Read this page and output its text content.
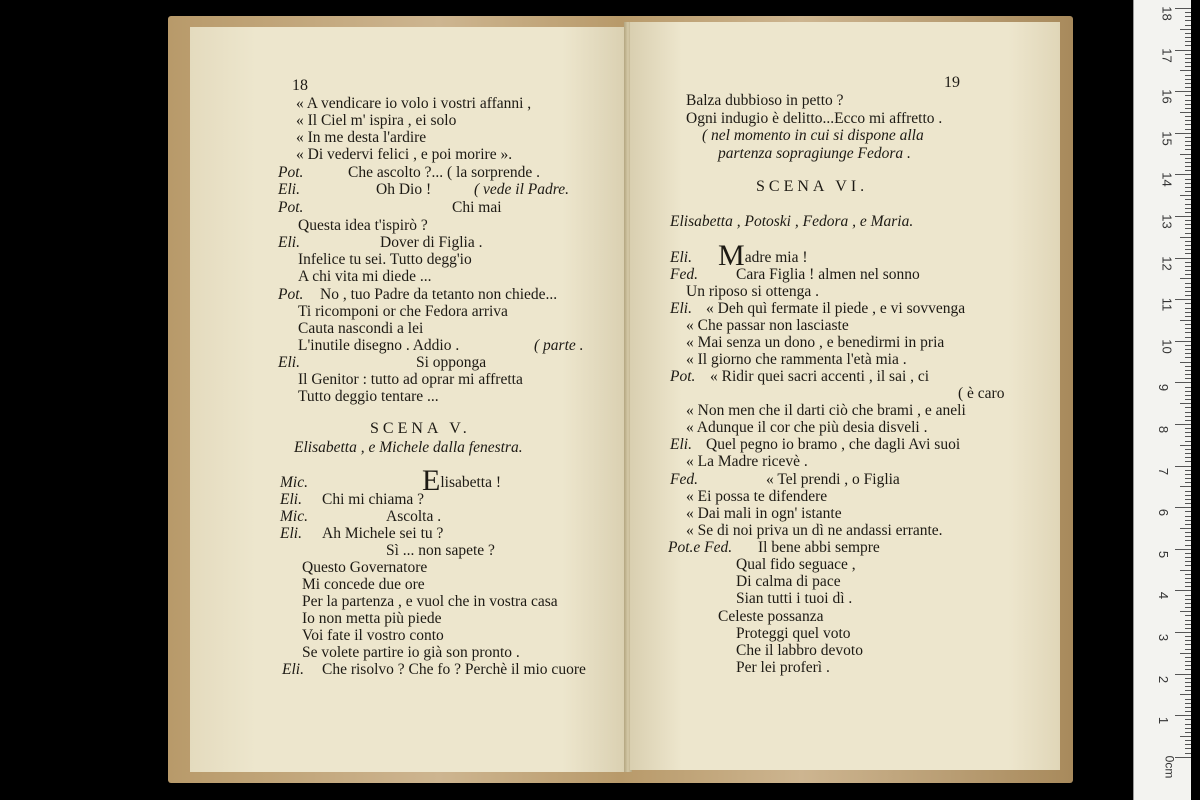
18
« A vendicare io volo i vostri affanni ,
« Il Ciel m' ispira , ei solo
« In me desta l'ardire
« Di vedervi felici , e poi morire ».
Pot.	Che ascolto ?... ( la sorprende .
Eli.	Oh Dio !	( vede il Padre.
Pot.	Chi mai
Questa idea t'ispirò ?
Eli.	Dover di Figlia .
Infelice tu sei. Tutto degg'io
A chi vita mi diede ...
Pot. No , tuo Padre da tetanto non chiede...
Ti ricomponi or che Fedora arriva
Cauta nascondi a lei
L'inutile disegno . Addio .	( parte .
Eli.	Si opponga
Il Genitor : tutto ad oprar mi affretta
Tutto deggio tentare ...
SCENA V.
Elisabetta , e Michele dalla fenestra.
Mic.	Elisabetta !
Eli. Chi mi chiama ?
Mic.	Ascolta .
Eli. Ah Michele sei tu ?
Sì ... non sapete ?
Questo Governatore
Mi concede due ore
Per la partenza , e vuol che in vostra casa
Io non metta più piede
Voi fate il vostro conto
Se volete partire io già son pronto .
Eli. Che risolvo ? Che fo ? Perchè il mio cuore
19
Balza dubbioso in petto ?
Ogni indugio è delitto...Ecco mi affretto .
( nel momento in cui si dispone alla
partenza sopragiunge Fedora .
SCENA VI.
Elisabetta , Potoski , Fedora , e Maria.
Eli. Madre mia !
Fed. Cara Figlia ! almen nel sonno
Un riposo si ottenga .
Eli. « Deh quì fermate il piede , e vi sovvenga
« Che passar non lasciaste
« Mai senza un dono , e benedirmi in pria
« Il giorno che rammenta l'età mia .
Pot. « Ridir quei sacri accenti , il sai , ci
( è caro
« Non men che il darti ciò che brami , e aneli
« Adunque il cor che più desia disveli .
Eli. Quel pegno io bramo , che dagli Avi suoi
« La Madre ricevè .
Fed.	« Tel prendi , o Figlia
« Ei possa te difendere
« Dai mali in ogn' istante
« Se di noi priva un dì ne andassi errante.
Pot.e Fed. Il bene abbi sempre
Qual fido seguace ,
Di calma di pace
Sian tutti i tuoi dì .
Celeste possanza
Proteggi quel voto
Che il labbro devoto
Per lei proferì .
18
17
16
15
14
13
12
11
10
9
8
7
6
5
4
3
2
1
0cm
